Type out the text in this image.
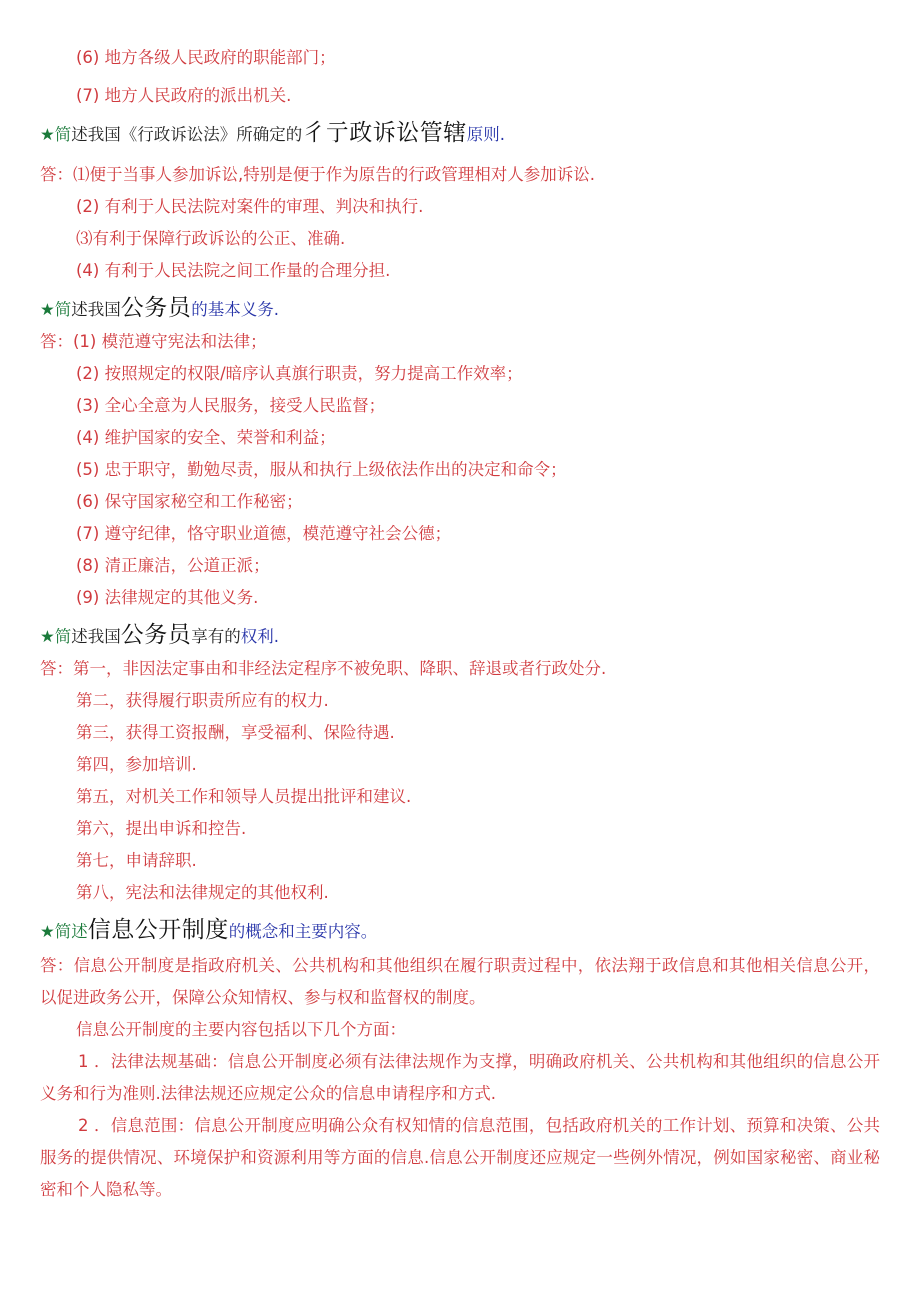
(6) 地方各级人民政府的职能部门；
(7) 地方人民政府的派出机关.
★简述我国《行政诉讼法》所确定的彳亍政诉讼管辖原则.
答：⑴便于当事人参加诉讼,特别是便于作为原告的行政管理相对人参加诉讼.
(2) 有利于人民法院对案件的审理、判决和执行.
⑶有利于保障行政诉讼的公正、准确.
(4) 有利于人民法院之间工作量的合理分担.
★简述我国公务员的基本义务.
答：(1) 模范遵守宪法和法律；
(2) 按照规定的权限/暗序认真旗行职责，努力提高工作效率；
(3) 全心全意为人民服务，接受人民监督；
(4) 维护国家的安全、荣誉和利益；
(5) 忠于职守，勤勉尽责，服从和执行上级依法作出的决定和命令；
(6) 保守国家秘空和工作秘密；
(7) 遵守纪律，恪守职业道德，模范遵守社会公德；
(8) 清正廉洁，公道正派；
(9) 法律规定的其他义务.
★简述我国公务员享有的权利.
答：第一，非因法定事由和非经法定程序不被免职、降职、辞退或者行政处分.
第二，获得履行职责所应有的权力.
第三，获得工资报酬，享受福利、保险待遇.
第四，参加培训.
第五，对机关工作和领导人员提出批评和建议.
第六，提出申诉和控告.
第七，申请辞职.
第八，宪法和法律规定的其他权利.
★简述信息公开制度的概念和主要内容。
答：信息公开制度是指政府机关、公共机构和其他组织在履行职责过程中，依法翔于政信息和其他相关信息公开，以促进政务公开，保障公众知情权、参与权和监督权的制度。
信息公开制度的主要内容包括以下几个方面：
1 ．法律法规基础：信息公开制度必须有法律法规作为支撑，明确政府机关、公共机构和其他组织的信息公开义务和行为准则.法律法规还应规定公众的信息申请程序和方式.
2 ．信息范围：信息公开制度应明确公众有权知情的信息范围，包括政府机关的工作计划、预算和决策、公共服务的提供情况、环境保护和资源利用等方面的信息.信息公开制度还应规定一些例外情况，例如国家秘密、商业秘密和个人隐私等。
